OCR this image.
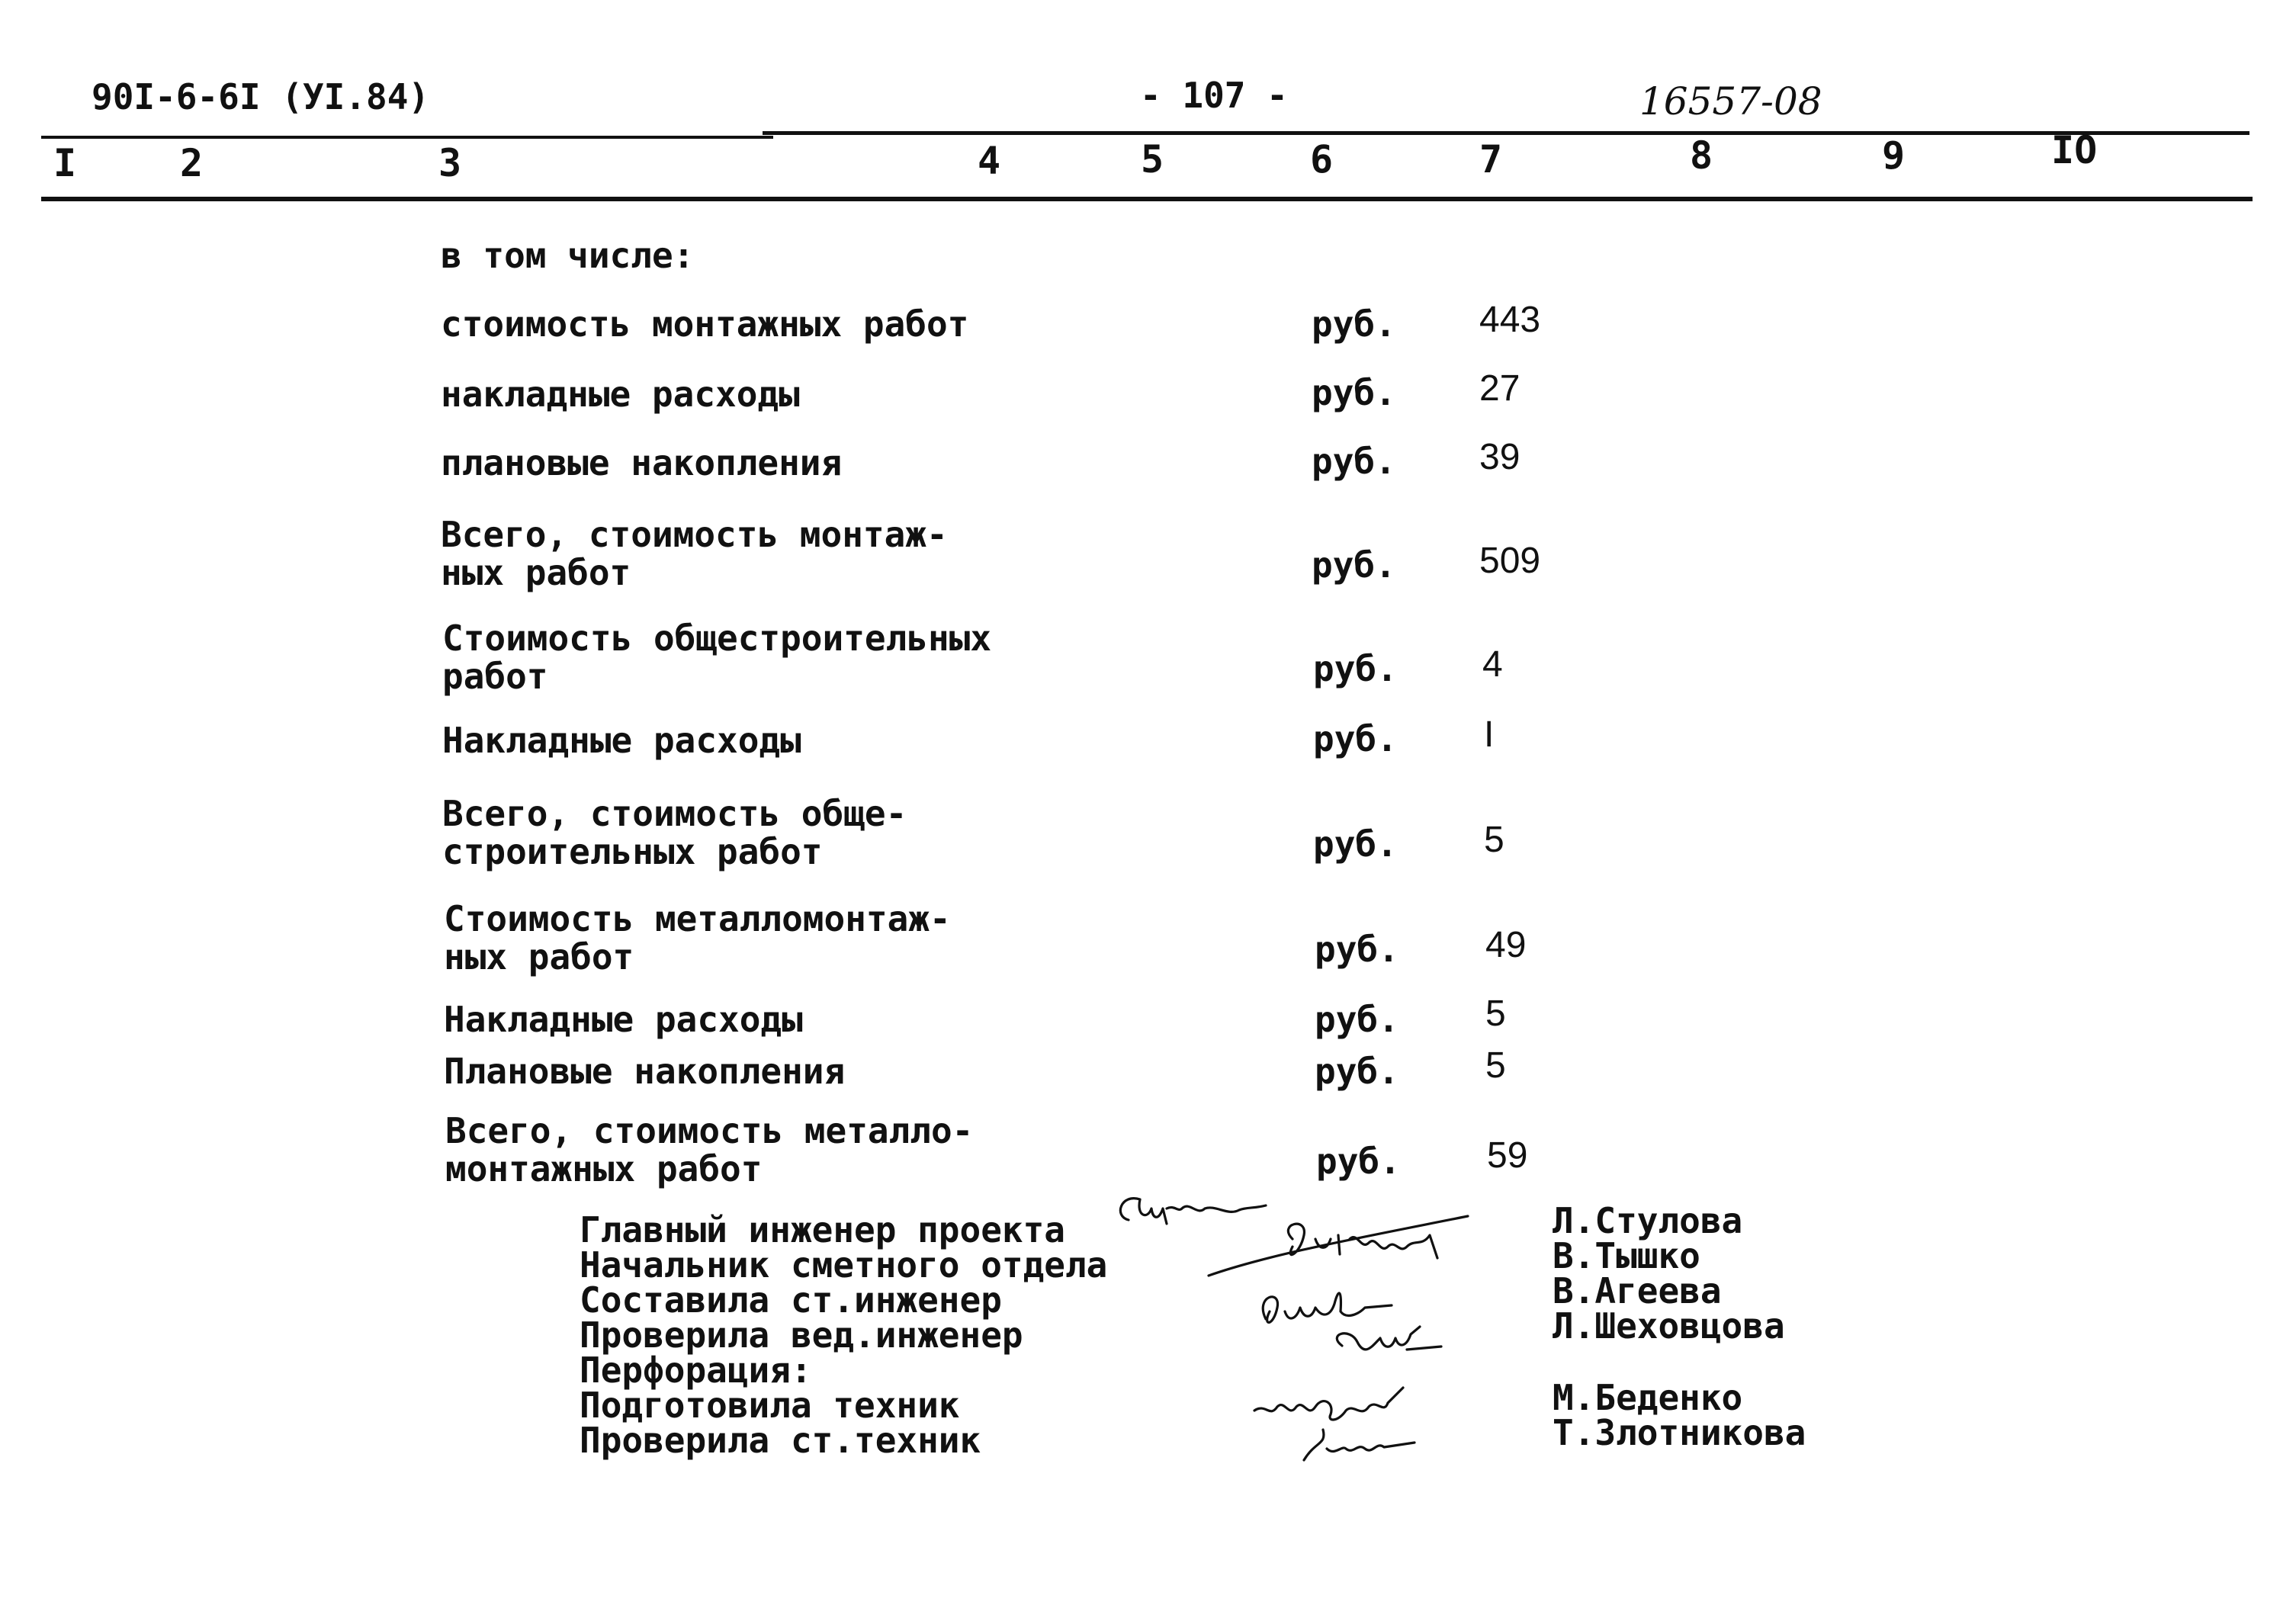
90I-6-6I (УI.84)	- 107 -	16557-08
I	2	3	4	5	6	7	8	9	IO
в том числе:
стоимость монтажных работ	руб. 443
накладные расходы	руб. 27
плановые накопления	руб. 39
Всего, стоимость монтаж-
ных работ	руб. 509
Стоимость общестроительных
работ	руб. 4
Накладные расходы	руб. I
Всего, стоимость обще-
строительных работ	руб. 5
Стоимость металломонтаж-
ных работ	руб. 49
Накладные расходы	руб. 5
Плановые накопления	руб. 5
Всего, стоимость металло-
монтажных работ	руб. 59
Главный инженер проекта
Начальник сметного отдела
Составила ст.инженер
Проверила вед.инженер
Перфорация:
Подготовила техник
Проверила ст.техник
Л.Стулова
В.Тышко
В.Агеева
Л.Шеховцова
М.Беденко
Т.Злотникова
